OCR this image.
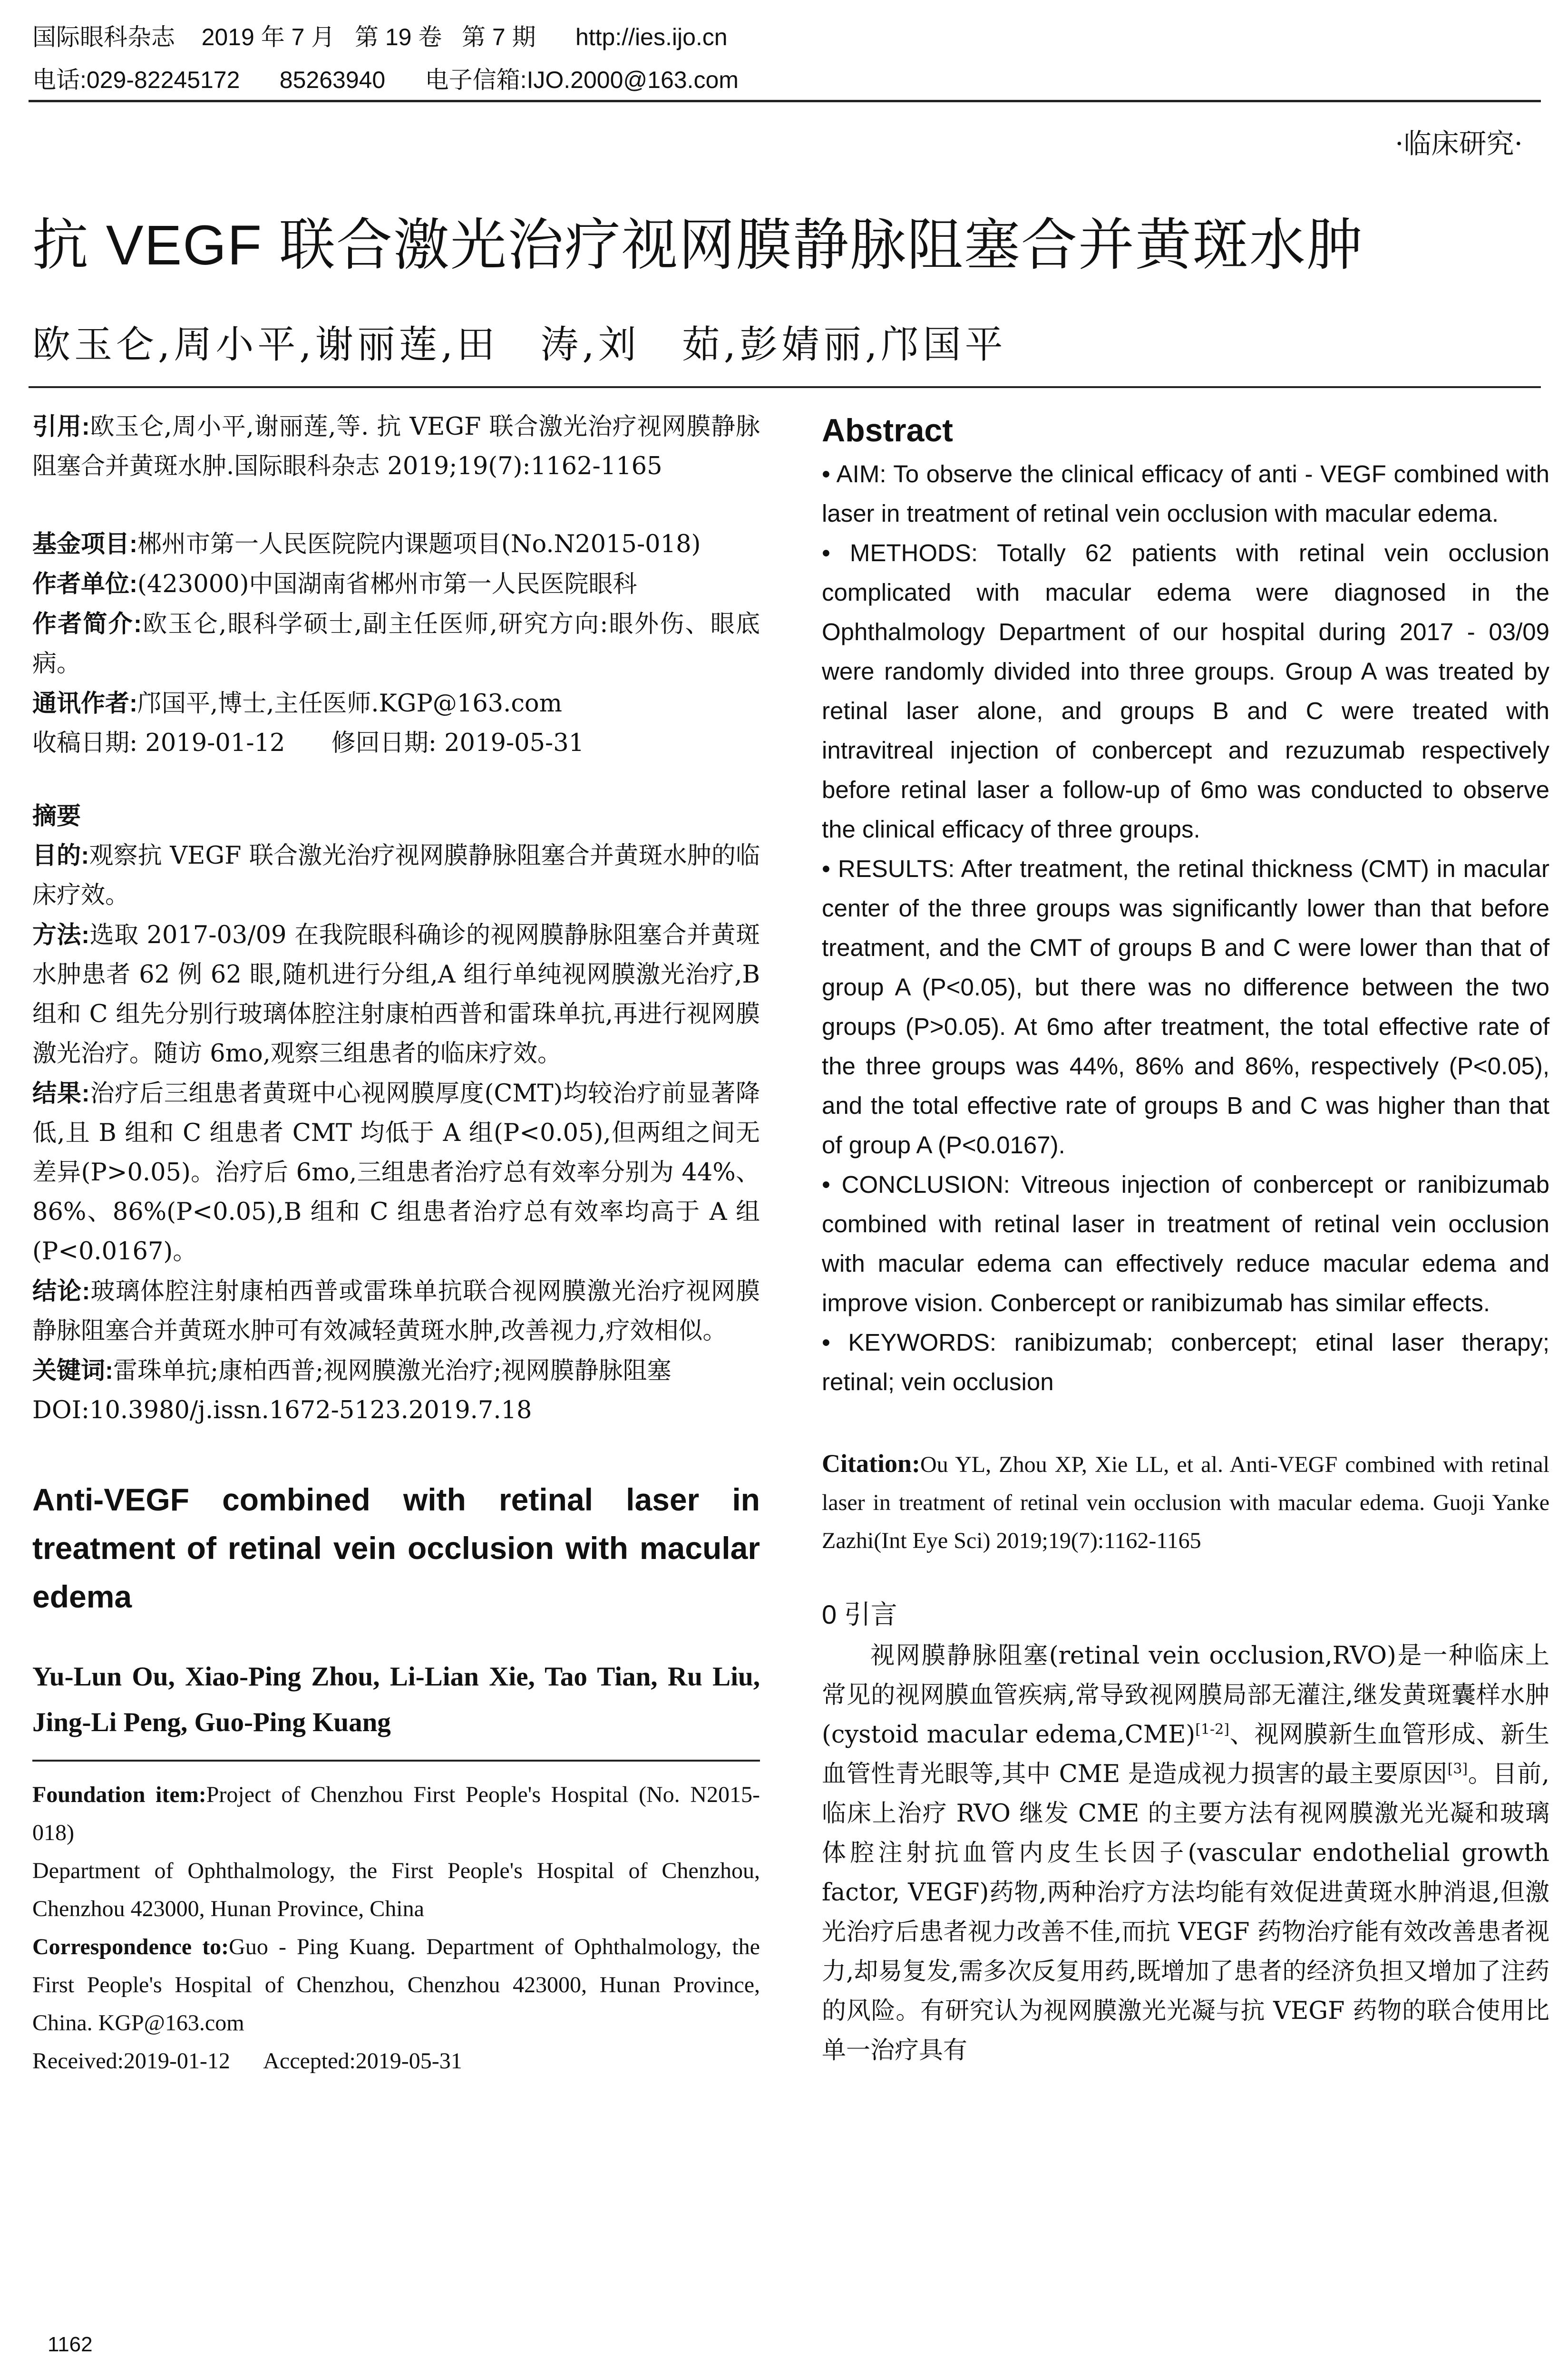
国际眼科杂志    2019 年 7 月   第 19 卷   第 7 期      http://ies.ijo.cn
电话:029-82245172      85263940      电子信箱:IJO.2000@163.com
·临床研究·
抗 VEGF 联合激光治疗视网膜静脉阻塞合并黄斑水肿
欧玉仑,周小平,谢丽莲,田　涛,刘　茹,彭婧丽,邝国平

引用:欧玉仑,周小平,谢丽莲,等. 抗 VEGF 联合激光治疗视网膜静脉阻塞合并黄斑水肿.国际眼科杂志 2019;19(7):1162-1165

基金项目:郴州市第一人民医院院内课题项目(No.N2015-018)

作者单位:(423000)中国湖南省郴州市第一人民医院眼科

作者简介:欧玉仑,眼科学硕士,副主任医师,研究方向:眼外伤、眼底病。

通讯作者:邝国平,博士,主任医师.KGP@163.com

收稿日期: 2019-01-12      修回日期: 2019-05-31

摘要

目的:观察抗 VEGF 联合激光治疗视网膜静脉阻塞合并黄斑水肿的临床疗效。

方法:选取 2017-03/09 在我院眼科确诊的视网膜静脉阻塞合并黄斑水肿患者 62 例 62 眼,随机进行分组,A 组行单纯视网膜激光治疗,B 组和 C 组先分别行玻璃体腔注射康柏西普和雷珠单抗,再进行视网膜激光治疗。随访 6mo,观察三组患者的临床疗效。

结果:治疗后三组患者黄斑中心视网膜厚度(CMT)均较治疗前显著降低,且 B 组和 C 组患者 CMT 均低于 A 组(P<0.05),但两组之间无差异(P>0.05)。治疗后 6mo,三组患者治疗总有效率分别为 44%、86%、86%(P<0.05),B 组和 C 组患者治疗总有效率均高于 A 组(P<0.0167)。

结论:玻璃体腔注射康柏西普或雷珠单抗联合视网膜激光治疗视网膜静脉阻塞合并黄斑水肿可有效减轻黄斑水肿,改善视力,疗效相似。

关键词:雷珠单抗;康柏西普;视网膜激光治疗;视网膜静脉阻塞

DOI:10.3980/j.issn.1672-5123.2019.7.18

Anti-VEGF combined with retinal laser in treatment of retinal vein occlusion with macular edema

Yu-Lun Ou, Xiao-Ping Zhou, Li-Lian Xie, Tao Tian, Ru Liu, Jing-Li Peng, Guo-Ping Kuang

Foundation item:Project of Chenzhou First People's Hospital (No. N2015-018)

Department of Ophthalmology, the First People's Hospital of Chenzhou, Chenzhou 423000, Hunan Province, China

Correspondence to:Guo - Ping Kuang. Department of Ophthalmology, the First People's Hospital of Chenzhou, Chenzhou 423000, Hunan Province, China. KGP@163.com

Received:2019-01-12      Accepted:2019-05-31

Abstract

• AIM: To observe the clinical efficacy of anti - VEGF combined with laser in treatment of retinal vein occlusion with macular edema.

• METHODS: Totally 62 patients with retinal vein occlusion complicated with macular edema were diagnosed in the Ophthalmology Department of our hospital during 2017 - 03/09 were randomly divided into three groups. Group A was treated by retinal laser alone, and groups B and C were treated with intravitreal injection of conbercept and rezuzumab respectively before retinal laser a follow-up of 6mo was conducted to observe the clinical efficacy of three groups.

• RESULTS: After treatment, the retinal thickness (CMT) in macular center of the three groups was significantly lower than that before treatment, and the CMT of groups B and C were lower than that of group A (P<0.05), but there was no difference between the two groups (P>0.05). At 6mo after treatment, the total effective rate of the three groups was 44%, 86% and 86%, respectively (P<0.05), and the total effective rate of groups B and C was higher than that of group A (P<0.0167).

• CONCLUSION: Vitreous injection of conbercept or ranibizumab combined with retinal laser in treatment of retinal vein occlusion with macular edema can effectively reduce macular edema and improve vision. Conbercept or ranibizumab has similar effects.

• KEYWORDS: ranibizumab; conbercept; etinal laser therapy; retinal; vein occlusion

Citation:Ou YL, Zhou XP, Xie LL, et al. Anti-VEGF combined with retinal laser in treatment of retinal vein occlusion with macular edema. Guoji Yanke Zazhi(Int Eye Sci) 2019;19(7):1162-1165

0 引言

视网膜静脉阻塞(retinal vein occlusion,RVO)是一种临床上常见的视网膜血管疾病,常导致视网膜局部无灌注,继发黄斑囊样水肿(cystoid macular edema,CME)[1-2]、视网膜新生血管形成、新生血管性青光眼等,其中 CME 是造成视力损害的最主要原因[3]。目前,临床上治疗 RVO 继发 CME 的主要方法有视网膜激光光凝和玻璃体腔注射抗血管内皮生长因子(vascular endothelial growth factor, VEGF)药物,两种治疗方法均能有效促进黄斑水肿消退,但激光治疗后患者视力改善不佳,而抗 VEGF 药物治疗能有效改善患者视力,却易复发,需多次反复用药,既增加了患者的经济负担又增加了注药的风险。有研究认为视网膜激光光凝与抗 VEGF 药物的联合使用比单一治疗具有

1162
